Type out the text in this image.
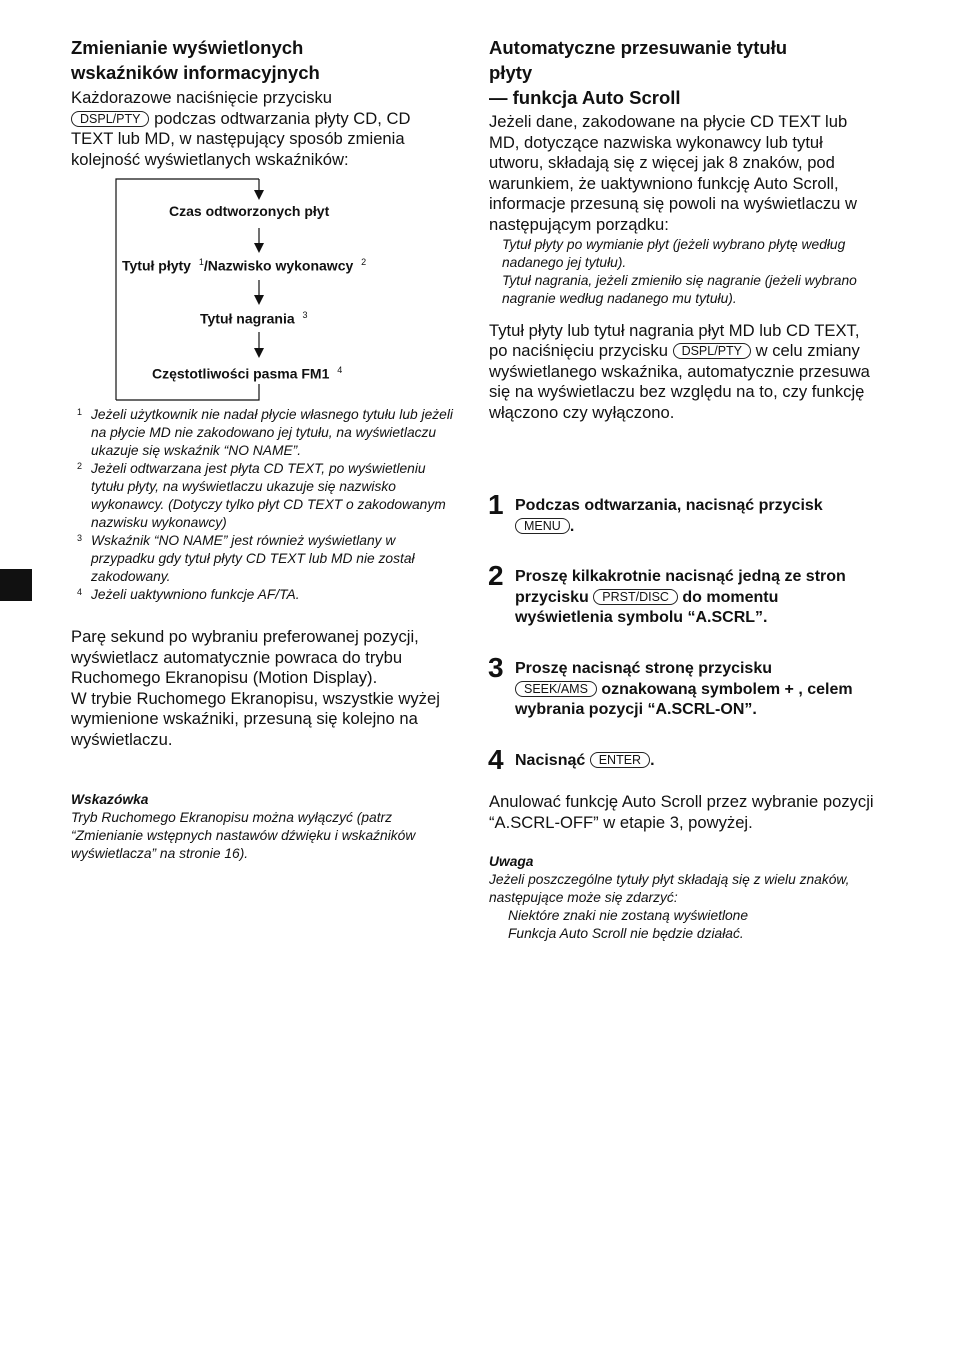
Zmienianie wyświetlonych
wskaźników informacyjnych
Każdorazowe naciśnięcie przycisku
DSPL/PTY podczas odtwarzania płyty CD, CD TEXT lub MD, w następujący sposób zmienia kolejność wyświetlanych wskaźników:
Czas odtworzonych płyt
Tytuł płyty $^1$/Nazwisko wykonawcy $^2$
Tytuł nagrania $^3$
Częstotliwości pasma FM1 $^4$
1 Jeżeli użytkownik nie nadał płycie własnego tytułu lub jeżeli na płycie MD nie zakodowano jej tytułu, na wyświetlaczu ukazuje się wskaźnik “NO NAME”.
2 Jeżeli odtwarzana jest płyta CD TEXT, po wyświetleniu tytułu płyty, na wyświetlaczu ukazuje się nazwisko wykonawcy. (Dotyczy tylko płyt CD TEXT o zakodowanym nazwisku wykonawcy)
3 Wskaźnik “NO NAME” jest również wyświetlany w przypadku gdy tytuł płyty CD TEXT lub MD nie został zakodowany.
4 Jeżeli uaktywniono funkcje AF/TA.
Parę sekund po wybraniu preferowanej pozycji, wyświetlacz automatycznie powraca do trybu Ruchomego Ekranopisu (Motion Display).
W trybie Ruchomego Ekranopisu, wszystkie wyżej wymienione wskaźniki, przesuną się kolejno na wyświetlaczu.
Wskazówka
Tryb Ruchomego Ekranopisu można wyłączyć (patrz “Zmienianie wstępnych nastawów dźwięku i wskaźników wyświetlacza” na stronie 16).
Automatyczne przesuwanie tytułu
płyty
— funkcja Auto Scroll
Jeżeli dane, zakodowane na płycie CD TEXT lub MD, dotyczące nazwiska wykonawcy lub tytuł utworu, składają się z więcej jak 8 znaków, pod warunkiem, że uaktywniono funkcję Auto Scroll, informacje przesuną się powoli na wyświetlaczu w następującym porządku:
Tytuł płyty po wymianie płyt (jeżeli wybrano płytę według nadanego jej tytułu).
Tytuł nagrania, jeżeli zmieniło się nagranie (jeżeli wybrano nagranie według nadanego mu tytułu).
Tytuł płyty lub tytuł nagrania płyt MD lub CD TEXT, po naciśnięciu przycisku DSPL/PTY w celu zmiany wyświetlanego wskaźnika, automatycznie przesuwa się na wyświetlaczu bez względu na to, czy funkcję włączono czy wyłączono.
1 Podczas odtwarzania, nacisnąć przycisk
MENU .
2 Proszę kilkakrotnie nacisnąć jedną ze stron przycisku PRST/DISC do momentu wyświetlenia symbolu “A.SCRL”.
3 Proszę nacisnąć stronę przycisku
SEEK/AMS oznakowaną symbolem + , celem wybrania pozycji “A.SCRL-ON”.
4 Nacisnąć ENTER .
Anulować funkcję Auto Scroll przez wybranie pozycji “A.SCRL-OFF” w etapie 3, powyżej.
Uwaga
Jeżeli poszczególne tytuły płyt składają się z wielu znaków, następujące może się zdarzyć:
Niektóre znaki nie zostaną wyświetlone
Funkcja Auto Scroll nie będzie działać.
